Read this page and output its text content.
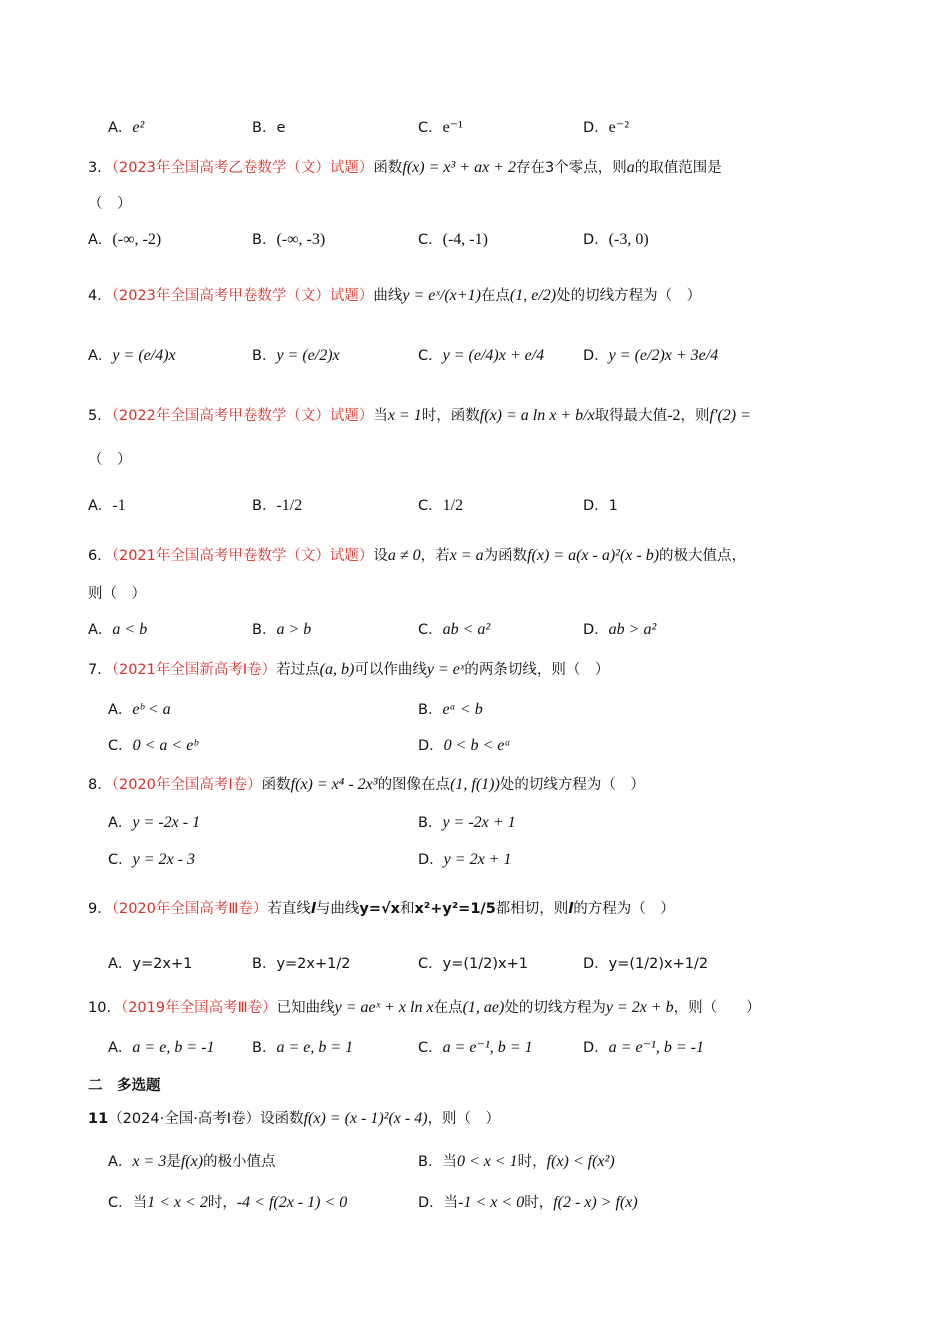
A．e²	B．e	C．e⁻¹	D．e⁻²
3．（2023年全国高考乙卷数学（文）试题）函数f(x) = x³ + ax + 2存在3个零点，则a的取值范围是
（　）
A．(-∞, -2)	B．(-∞, -3)	C．(-4, -1)	D．(-3, 0)
4．（2023年全国高考甲卷数学（文）试题）曲线y = eˣ/(x+1)在点(1, e/2)处的切线方程为（　）
A．y = (e/4)x	B．y = (e/2)x	C．y = (e/4)x + e/4	D．y = (e/2)x + 3e/4
5．（2022年全国高考甲卷数学（文）试题）当x = 1时，函数f(x) = a ln x + b/x取得最大值-2，则f′(2) =
（　）
A．-1	B．-1/2	C．1/2	D．1
6．（2021年全国高考甲卷数学（文）试题）设a ≠ 0，若x = a为函数f(x) = a(x - a)²(x - b)的极大值点，
则（　）
A．a < b	B．a > b	C．ab < a²	D．ab > a²
7．（2021年全国新高考Ⅰ卷）若过点(a, b)可以作曲线y = eˣ的两条切线，则（　）
A．eᵇ < a	B．eᵃ < b
C．0 < a < eᵇ	D．0 < b < eᵃ
8．（2020年全国高考Ⅰ卷）函数f(x) = x⁴ - 2x³的图像在点(1, f(1))处的切线方程为（　）
A．y = -2x - 1	B．y = -2x + 1
C．y = 2x - 3	D．y = 2x + 1
9．（2020年全国高考Ⅲ卷）若直线l与曲线y=√x和x²+y²=1/5都相切，则l的方程为（　）
A．y=2x+1	B．y=2x+1/2	C．y=(1/2)x+1	D．y=(1/2)x+1/2
10．（2019年全国高考Ⅲ卷）已知曲线y = aeˣ + x ln x在点(1, ae)处的切线方程为y = 2x + b，则（　　）
A．a = e, b = -1	B．a = e, b = 1	C．a = e⁻¹, b = 1	D．a = e⁻¹, b = -1
二　多选题
11（2024·全国·高考Ⅰ卷）设函数f(x) = (x - 1)²(x - 4)，则（　）
A．x = 3是f(x)的极小值点	B．当0 < x < 1时，f(x) < f(x²)
C．当1 < x < 2时，-4 < f(2x - 1) < 0	D．当-1 < x < 0时，f(2 - x) > f(x)
